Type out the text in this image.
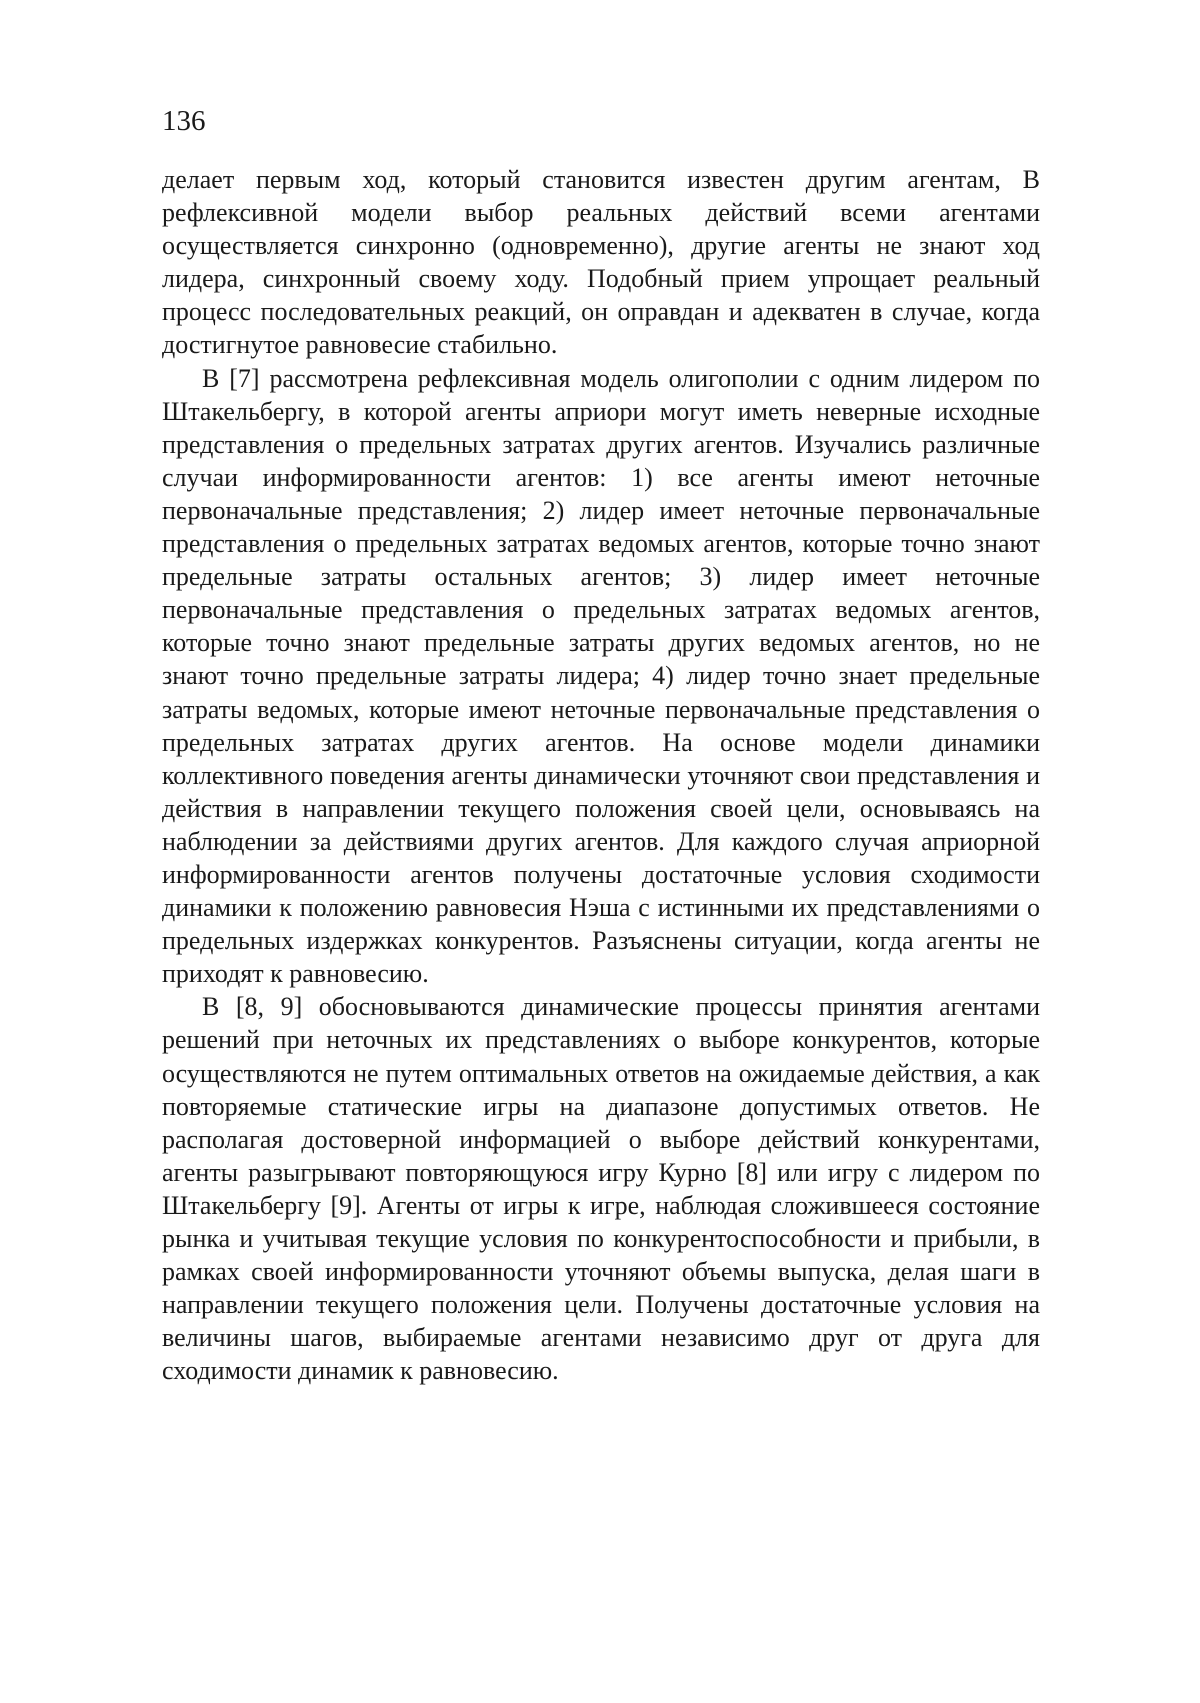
136

делает первым ход, который становится известен другим агентам, В рефлексивной модели выбор реальных действий всеми агентами осуществляется синхронно (одновременно), другие агенты не знают ход лидера, синхронный своему ходу. Подобный прием упрощает реальный процесс последовательных реакций, он оправдан и адекватен в случае, когда достигнутое равновесие стабильно.

В [7] рассмотрена рефлексивная модель олигополии с одним лидером по Штакельбергу, в которой агенты априори могут иметь неверные исходные представления о предельных затратах других агентов. Изучались различные случаи информированности агентов: 1) все агенты имеют неточные первоначальные представления; 2) лидер имеет неточные первоначальные представления о предельных затратах ведомых агентов, которые точно знают предельные затраты остальных агентов; 3) лидер имеет неточные первоначальные представления о предельных затратах ведомых агентов, которые точно знают предельные затраты других ведомых агентов, но не знают точно предельные затраты лидера; 4) лидер точно знает предельные затраты ведомых, которые имеют неточные первоначальные представления о предельных затратах других агентов. На основе модели динамики коллективного поведения агенты динамически уточняют свои представления и действия в направлении текущего положения своей цели, основываясь на наблюдении за действиями других агентов. Для каждого случая априорной информированности агентов получены достаточные условия сходимости динамики к положению равновесия Нэша с истинными их представлениями о предельных издержках конкурентов. Разъяснены ситуации, когда агенты не приходят к равновесию.

В [8, 9] обосновываются динамические процессы принятия агентами решений при неточных их представлениях о выборе конкурентов, которые осуществляются не путем оптимальных ответов на ожидаемые действия, а как повторяемые статические игры на диапазоне допустимых ответов. Не располагая достоверной информацией о выборе действий конкурентами, агенты разыгрывают повторяющуюся игру Курно [8] или игру с лидером по Штакельбергу [9]. Агенты от игры к игре, наблюдая сложившееся состояние рынка и учитывая текущие условия по конкурентоспособности и прибыли, в рамках своей информированности уточняют объемы выпуска, делая шаги в направлении текущего положения цели. Получены достаточные условия на величины шагов, выбираемые агентами независимо друг от друга для сходимости динамик к равновесию.
